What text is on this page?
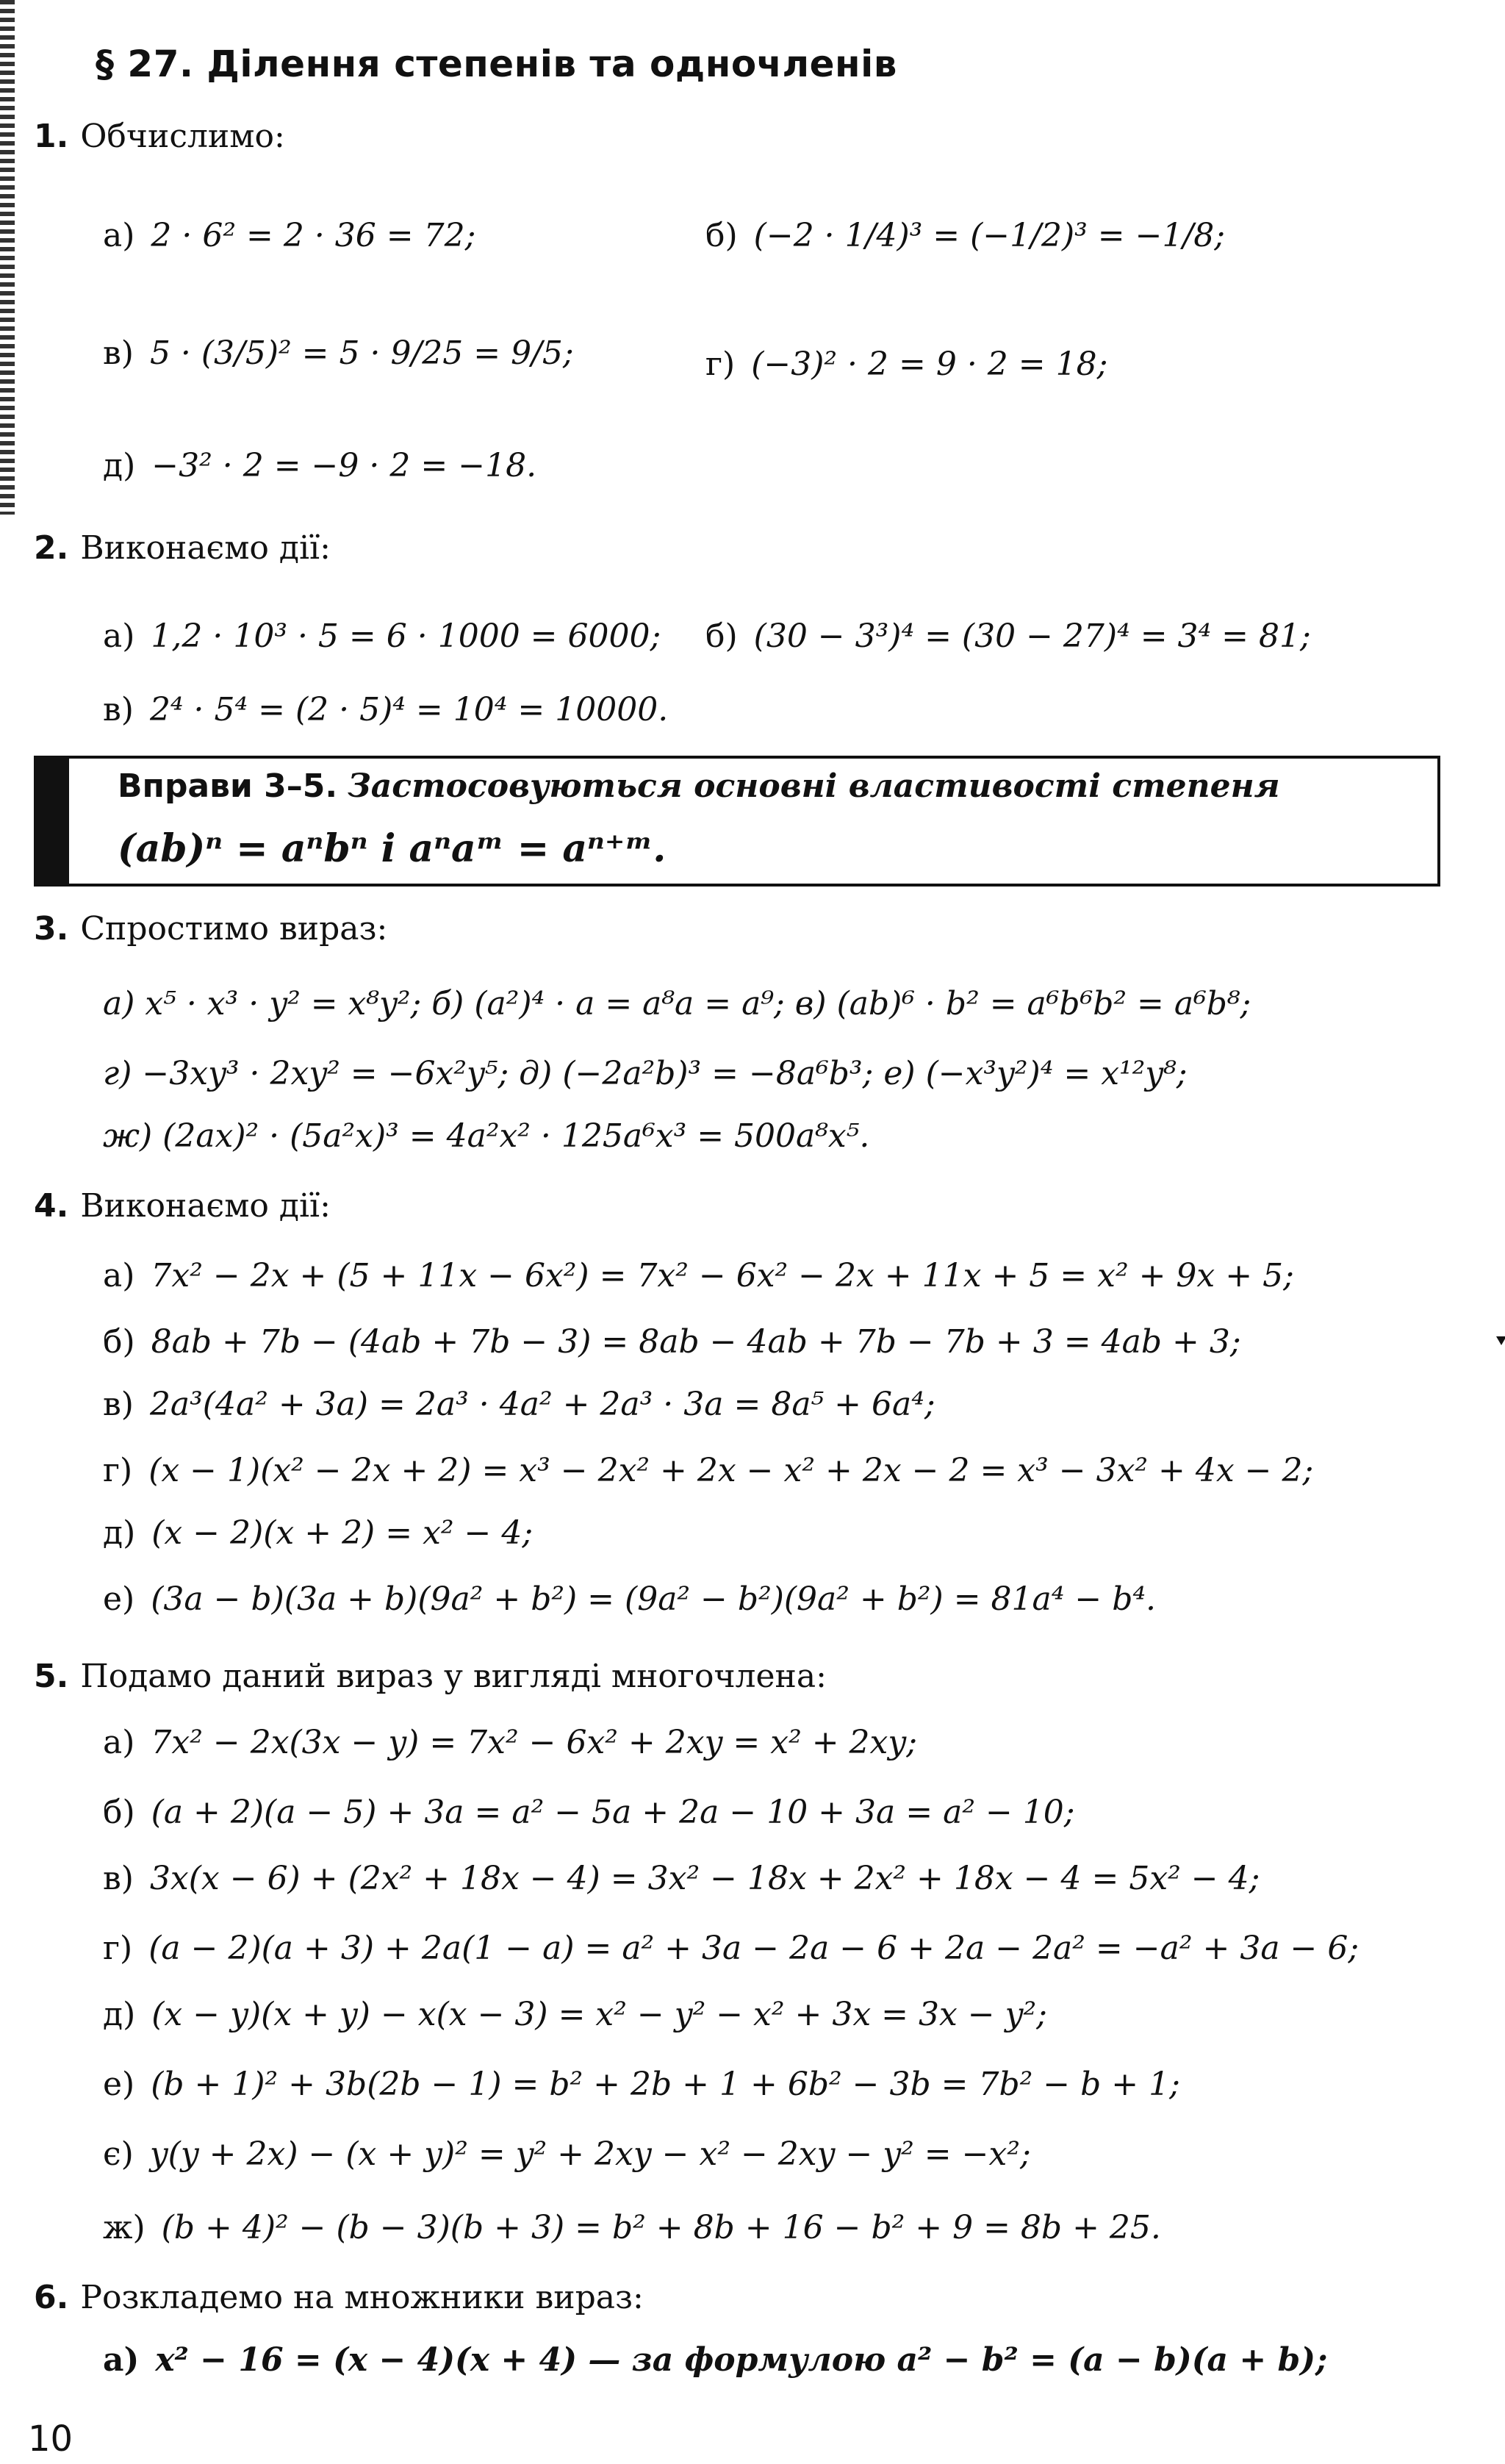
§ 27. Ділення степенів та одночленів
1. Обчислимо:
а) 2 · 6² = 2 · 36 = 72;	б) (−2 · 1/4)³ = (−1/2)³ = −1/8;
в) 5 · (3/5)² = 5 · 9/25 = 9/5;	г) (−3)² · 2 = 9 · 2 = 18;
д) −3² · 2 = −9 · 2 = −18.
2. Виконаємо дії:
а) 1,2 · 10³ · 5 = 6 · 1000 = 6000; б) (30 − 3³)⁴ = (30 − 27)⁴ = 3⁴ = 81;
в) 2⁴ · 5⁴ = (2 · 5)⁴ = 10⁴ = 10000.
Вправи 3–5. Застосовуються основні властивості степеня
(ab)ⁿ = aⁿbⁿ і aⁿaᵐ = aⁿ⁺ᵐ.
3. Спростимо вираз:
а) x⁵ · x³ · y² = x⁸y²; б) (a²)⁴ · a = a⁸a = a⁹; в) (ab)⁶ · b² = a⁶b⁶b² = a⁶b⁸;
г) −3xy³ · 2xy² = −6x²y⁵; д) (−2a²b)³ = −8a⁶b³; е) (−x³y²)⁴ = x¹²y⁸;
ж) (2ax)² · (5a²x)³ = 4a²x² · 125a⁶x³ = 500a⁸x⁵.
4. Виконаємо дії:
а) 7x² − 2x + (5 + 11x − 6x²) = 7x² − 6x² − 2x + 11x + 5 = x² + 9x + 5;
б) 8ab + 7b − (4ab + 7b − 3) = 8ab − 4ab + 7b − 7b + 3 = 4ab + 3;
в) 2a³(4a² + 3a) = 2a³ · 4a² + 2a³ · 3a = 8a⁵ + 6a⁴;
г) (x − 1)(x² − 2x + 2) = x³ − 2x² + 2x − x² + 2x − 2 = x³ − 3x² + 4x − 2;
д) (x − 2)(x + 2) = x² − 4;
е) (3a − b)(3a + b)(9a² + b²) = (9a² − b²)(9a² + b²) = 81a⁴ − b⁴.
5. Подамо даний вираз у вигляді многочлена:
а) 7x² − 2x(3x − y) = 7x² − 6x² + 2xy = x² + 2xy;
б) (a + 2)(a − 5) + 3a = a² − 5a + 2a − 10 + 3a = a² − 10;
в) 3x(x − 6) + (2x² + 18x − 4) = 3x² − 18x + 2x² + 18x − 4 = 5x² − 4;
г) (a − 2)(a + 3) + 2a(1 − a) = a² + 3a − 2a − 6 + 2a − 2a² = −a² + 3a − 6;
д) (x − y)(x + y) − x(x − 3) = x² − y² − x² + 3x = 3x − y²;
е) (b + 1)² + 3b(2b − 1) = b² + 2b + 1 + 6b² − 3b = 7b² − b + 1;
є) y(y + 2x) − (x + y)² = y² + 2xy − x² − 2xy − y² = −x²;
ж) (b + 4)² − (b − 3)(b + 3) = b² + 8b + 16 − b² + 9 = 8b + 25.
6. Розкладемо на множники вираз:
а) x² − 16 = (x − 4)(x + 4) — за формулою a² − b² = (a − b)(a + b);
10
